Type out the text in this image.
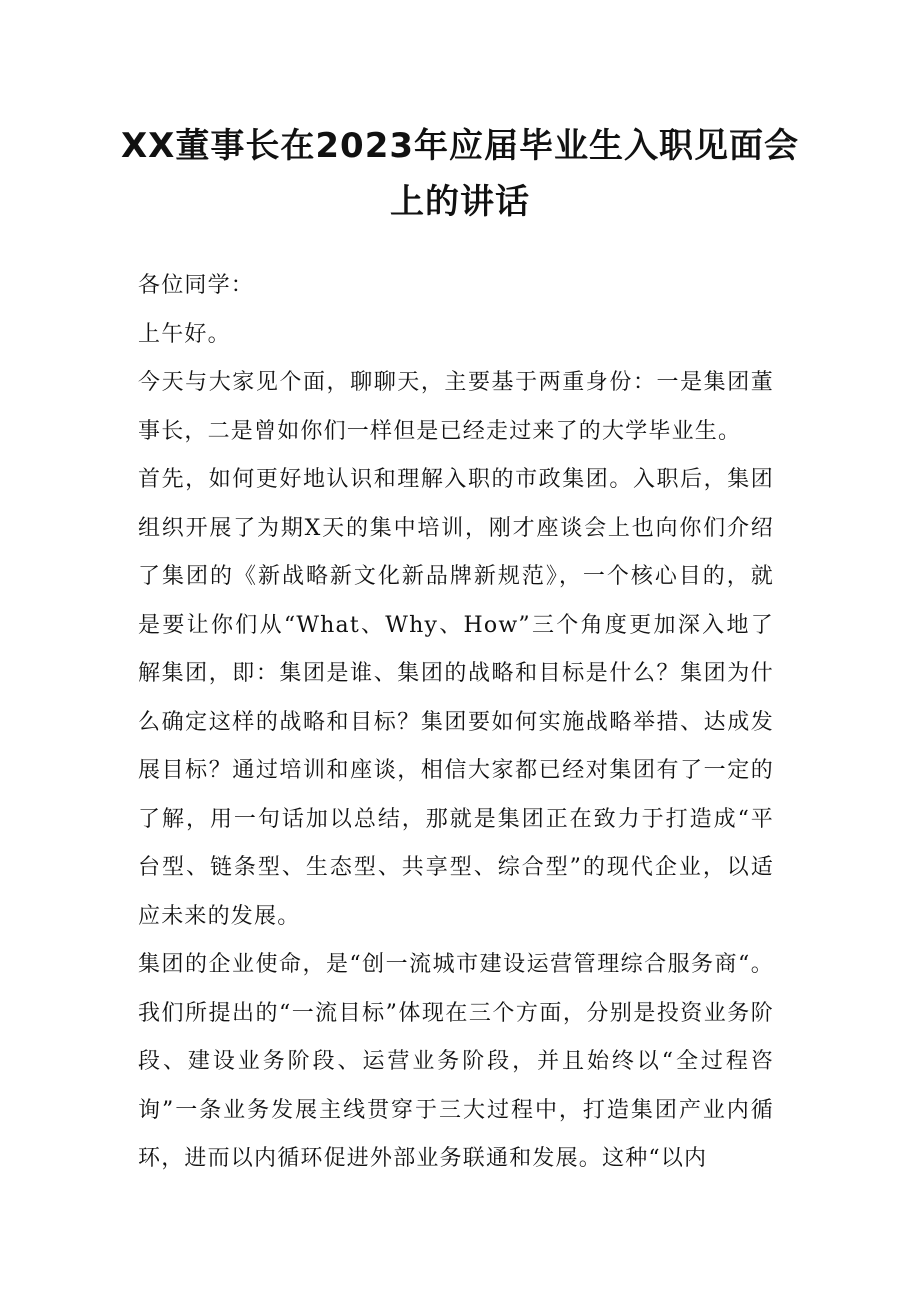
XX董事长在2023年应届毕业生入职见面会上的讲话

各位同学：

上午好。

今天与大家见个面，聊聊天，主要基于两重身份：一是集团董事长，二是曾如你们一样但是已经走过来了的大学毕业生。

首先，如何更好地认识和理解入职的市政集团。入职后，集团组织开展了为期X天的集中培训，刚才座谈会上也向你们介绍了集团的《新战略新文化新品牌新规范》，一个核心目的，就是要让你们从“What、Why、How”三个角度更加深入地了解集团，即：集团是谁、集团的战略和目标是什么？集团为什么确定这样的战略和目标？集团要如何实施战略举措、达成发展目标？通过培训和座谈，相信大家都已经对集团有了一定的了解，用一句话加以总结，那就是集团正在致力于打造成“平台型、链条型、生态型、共享型、综合型”的现代企业，以适应未来的发展。

集团的企业使命，是“创一流城市建设运营管理综合服务商“。我们所提出的“一流目标”体现在三个方面，分别是投资业务阶段、建设业务阶段、运营业务阶段，并且始终以“全过程咨询”一条业务发展主线贯穿于三大过程中，打造集团产业内循环，进而以内循环促进外部业务联通和发展。这种“以内
